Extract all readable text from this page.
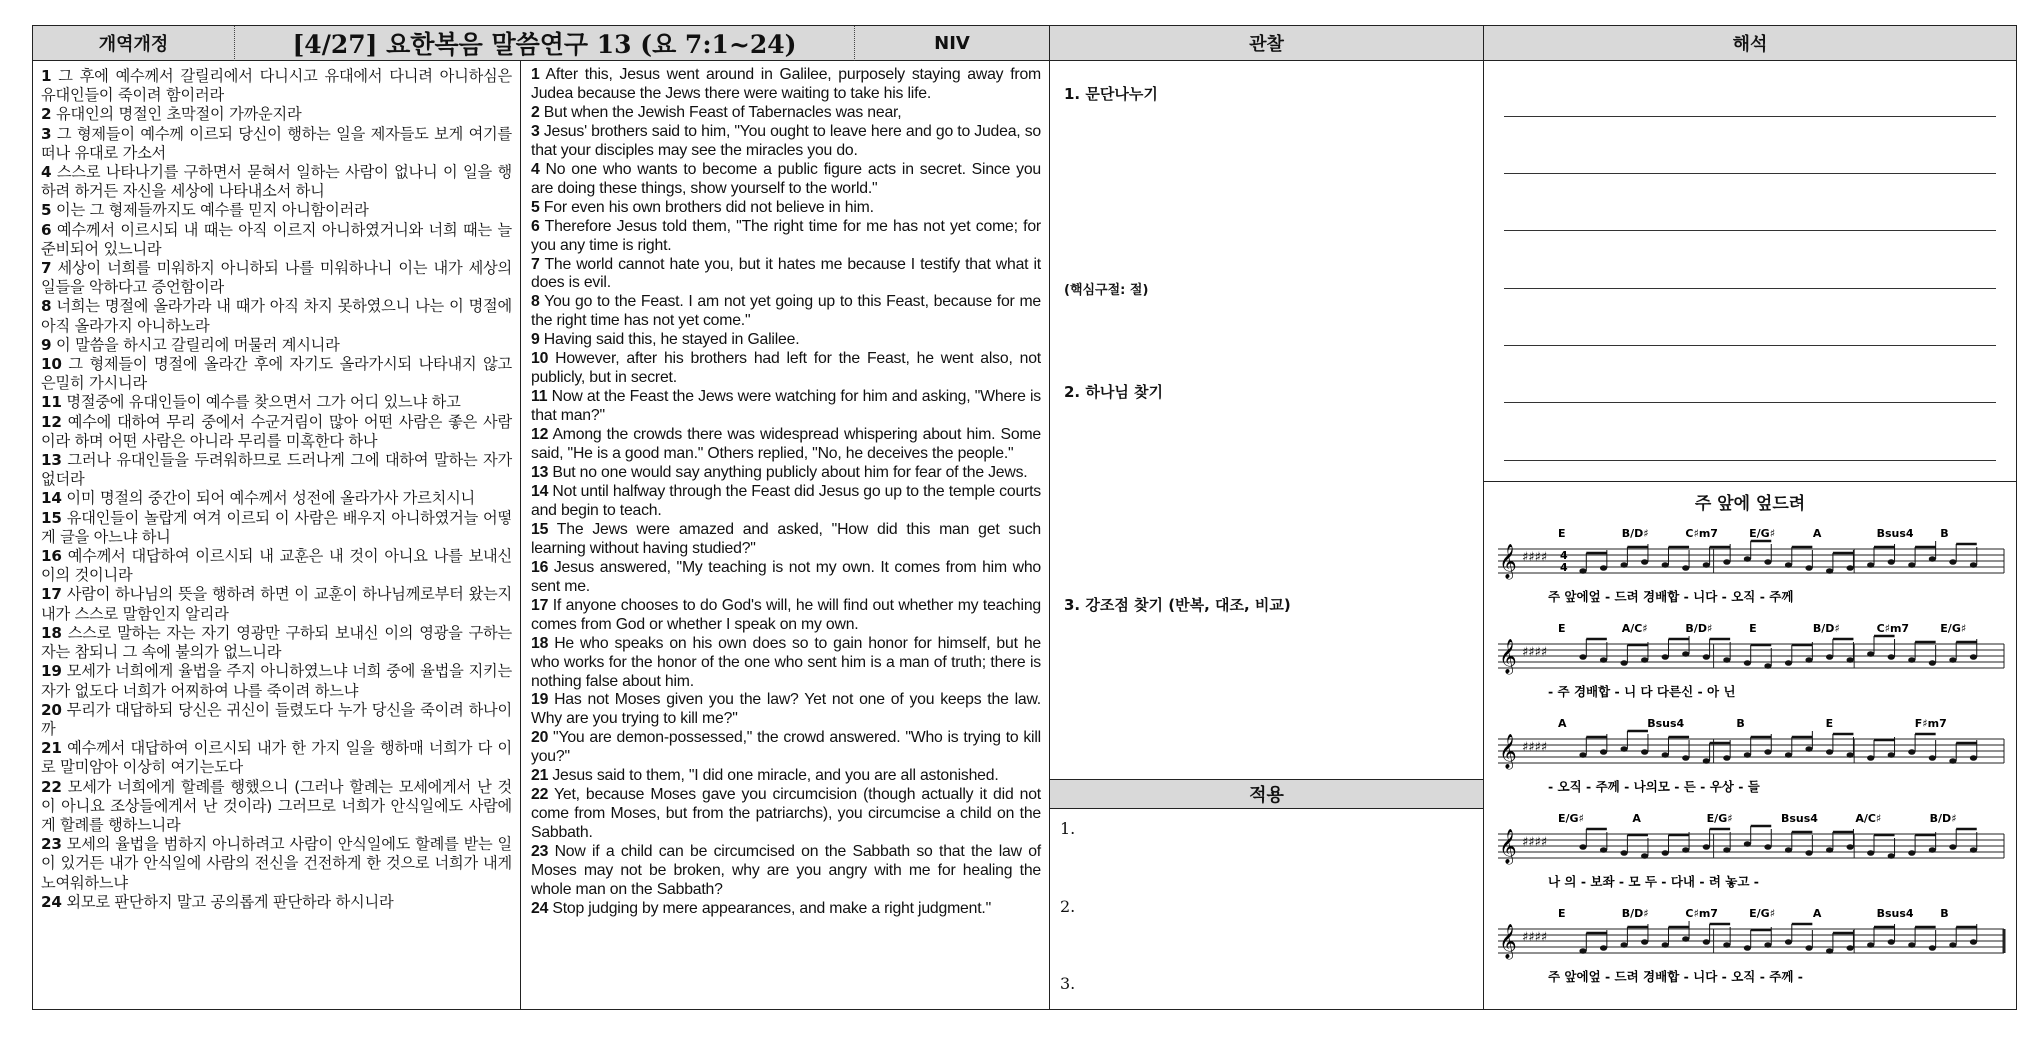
개역개정	[4/27] 요한복음 말씀연구 13 (요 7:1~24)	NIV	관찰	해석

1 그 후에 예수께서 갈릴리에서 다니시고 유대에서 다니려 아니하심은 유대인들이 죽이려 함이러라

2 유대인의 명절인 초막절이 가까운지라

3 그 형제들이 예수께 이르되 당신이 행하는 일을 제자들도 보게 여기를 떠나 유대로 가소서

4 스스로 나타나기를 구하면서 묻혀서 일하는 사람이 없나니 이 일을 행하려 하거든 자신을 세상에 나타내소서 하니

5 이는 그 형제들까지도 예수를 믿지 아니함이러라

6 예수께서 이르시되 내 때는 아직 이르지 아니하였거니와 너희 때는 늘 준비되어 있느니라

7 세상이 너희를 미워하지 아니하되 나를 미워하나니 이는 내가 세상의 일들을 악하다고 증언함이라

8 너희는 명절에 올라가라 내 때가 아직 차지 못하였으니 나는 이 명절에 아직 올라가지 아니하노라

9 이 말씀을 하시고 갈릴리에 머물러 계시니라

10 그 형제들이 명절에 올라간 후에 자기도 올라가시되 나타내지 않고 은밀히 가시니라

11 명절중에 유대인들이 예수를 찾으면서 그가 어디 있느냐 하고

12 예수에 대하여 무리 중에서 수군거림이 많아 어떤 사람은 좋은 사람이라 하며 어떤 사람은 아니라 무리를 미혹한다 하나

13 그러나 유대인들을 두려워하므로 드러나게 그에 대하여 말하는 자가 없더라

14 이미 명절의 중간이 되어 예수께서 성전에 올라가사 가르치시니

15 유대인들이 놀랍게 여겨 이르되 이 사람은 배우지 아니하였거늘 어떻게 글을 아느냐 하니

16 예수께서 대답하여 이르시되 내 교훈은 내 것이 아니요 나를 보내신 이의 것이니라

17 사람이 하나님의 뜻을 행하려 하면 이 교훈이 하나님께로부터 왔는지 내가 스스로 말함인지 알리라

18 스스로 말하는 자는 자기 영광만 구하되 보내신 이의 영광을 구하는 자는 참되니 그 속에 불의가 없느니라

19 모세가 너희에게 율법을 주지 아니하였느냐 너희 중에 율법을 지키는 자가 없도다 너희가 어찌하여 나를 죽이려 하느냐

20 무리가 대답하되 당신은 귀신이 들렸도다 누가 당신을 죽이려 하나이까

21 예수께서 대답하여 이르시되 내가 한 가지 일을 행하매 너희가 다 이로 말미암아 이상히 여기는도다

22 모세가 너희에게 할례를 행했으니 (그러나 할례는 모세에게서 난 것이 아니요 조상들에게서 난 것이라) 그러므로 너희가 안식일에도 사람에게 할례를 행하느니라

23 모세의 율법을 범하지 아니하려고 사람이 안식일에도 할례를 받는 일이 있거든 내가 안식일에 사람의 전신을 건전하게 한 것으로 너희가 내게 노여워하느냐

24 외모로 판단하지 말고 공의롭게 판단하라 하시니라

1 After this, Jesus went around in Galilee, purposely staying away from Judea because the Jews there were waiting to take his life.

2 But when the Jewish Feast of Tabernacles was near,

3 Jesus' brothers said to him, "You ought to leave here and go to Judea, so that your disciples may see the miracles you do.

4 No one who wants to become a public figure acts in secret. Since you are doing these things, show yourself to the world."

5 For even his own brothers did not believe in him.

6 Therefore Jesus told them, "The right time for me has not yet come; for you any time is right.

7 The world cannot hate you, but it hates me because I testify that what it does is evil.

8 You go to the Feast. I am not yet going up to this Feast, because for me the right time has not yet come."

9 Having said this, he stayed in Galilee.

10 However, after his brothers had left for the Feast, he went also, not publicly, but in secret.

11 Now at the Feast the Jews were watching for him and asking, "Where is that man?"

12 Among the crowds there was widespread whispering about him. Some said, "He is a good man." Others replied, "No, he deceives the people."

13 But no one would say anything publicly about him for fear of the Jews.

14 Not until halfway through the Feast did Jesus go up to the temple courts and begin to teach.

15 The Jews were amazed and asked, "How did this man get such learning without having studied?"

16 Jesus answered, "My teaching is not my own. It comes from him who sent me.

17 If anyone chooses to do God's will, he will find out whether my teaching comes from God or whether I speak on my own.

18 He who speaks on his own does so to gain honor for himself, but he who works for the honor of the one who sent him is a man of truth; there is nothing false about him.

19 Has not Moses given you the law? Yet not one of you keeps the law. Why are you trying to kill me?"

20 "You are demon-possessed," the crowd answered. "Who is trying to kill you?"

21 Jesus said to them, "I did one miracle, and you are all astonished.

22 Yet, because Moses gave you circumcision (though actually it did not come from Moses, but from the patriarchs), you circumcise a child on the Sabbath.

23 Now if a child can be circumcised on the Sabbath so that the law of Moses may not be broken, why are you angry with me for healing the whole man on the Sabbath?

24 Stop judging by mere appearances, and make a right judgment."

1. 문단나누기
(핵심구절: 절)
2. 하나님 찾기
3. 강조점 찾기 (반복, 대조, 비교)
적용
1.
2.
3.
주 앞에 엎드려
E	B/D♯	C♯m7	E/G♯	A	Bsus4 B
𝄞 ♯♯♯♯ 4
4
주 앞에엎 - 드려 경배합 - 니다 - 오직 - 주께
E	A/C♯	B/D♯	E	B/D♯	C♯m7	E/G♯
𝄞 ♯♯♯♯
- 주 경배합 - 니 다 다른신 - 아 닌
A	Bsus4	B	E	F♯m7
𝄞 ♯♯♯♯
- 오직 - 주께 - 나의모 - 든 - 우상 - 들
E/G♯	A	E/G♯	Bsus4	A/C♯	B/D♯
𝄞 ♯♯♯♯
나 의 - 보좌 - 모 두 - 다내 - 려 놓고 -
E	B/D♯	C♯m7	E/G♯	A	Bsus4 B
𝄞 ♯♯♯♯
주 앞에엎 - 드려 경배합 - 니다 - 오직 - 주께 -
